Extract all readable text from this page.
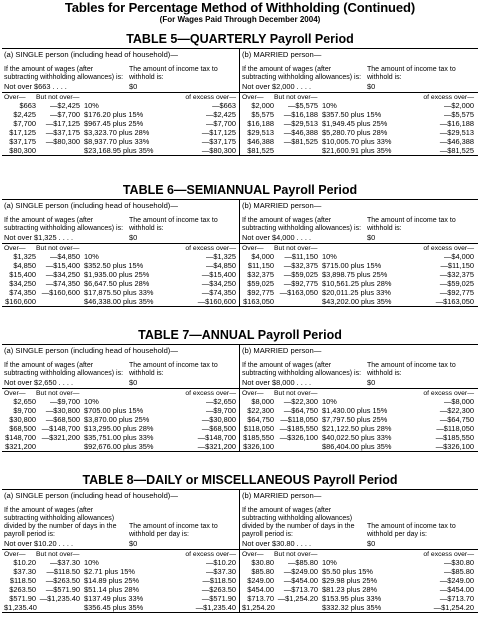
Tables for Percentage Method of Withholding (Continued)
(For Wages Paid Through December 2004)
TABLE 5—QUARTERLY Payroll Period
(a) SINGLE person (including head of household)—
If the amount of wages (after subtracting withholding allowances) is:
The amount of income tax to withhold is:
Not over $663 . . . .	$0
Over—	But not over—	of excess over—
$663	—$2,425 10%	—$663
$2,425	—$7,700 $176.20 plus 15%	—$2,425
$7,700	—$17,125 $967.45 plus 25%	—$7,700
$17,125	—$37,175 $3,323.70 plus 28%	—$17,125
$37,175	—$80,300 $8,937.70 plus 33%	—$37,175
$80,300	$23,168.95 plus 35%	—$80,300
(b) MARRIED person—
If the amount of wages (after subtracting withholding allowances) is:
The amount of income tax to withhold is:
Not over $2,000 . . . .	$0
Over—	But not over—	of excess over—
$2,000	—$5,575 10%	—$2,000
$5,575	—$16,188 $357.50 plus 15%	—$5,575
$16,188	—$29,513 $1,949.45 plus 25%	—$16,188
$29,513	—$46,388 $5,280.70 plus 28%	—$29,513
$46,388	—$81,525 $10,005.70 plus 33%	—$46,388
$81,525	$21,600.91 plus 35%	—$81,525
TABLE 6—SEMIANNUAL Payroll Period
(a) SINGLE person (including head of household)—
If the amount of wages (after subtracting withholding allowances) is:
The amount of income tax to withhold is:
Not over $1,325 . . . .	$0
Over—	But not over—	of excess over—
$1,325	—$4,850 10%	—$1,325
$4,850	—$15,400 $352.50 plus 15%	—$4,850
$15,400	—$34,250 $1,935.00 plus 25%	—$15,400
$34,250	—$74,350 $6,647.50 plus 28%	—$34,250
$74,350 —$160,600 $17,875.50 plus 33%	—$74,350
$160,600	$46,338.00 plus 35%	—$160,600
(b) MARRIED person—
If the amount of wages (after subtracting withholding allowances) is:
The amount of income tax to withhold is:
Not over $4,000 . . . .	$0
Over—	But not over—	of excess over—
$4,000	—$11,150 10%	—$4,000
$11,150	—$32,375 $715.00 plus 15%	—$11,150
$32,375	—$59,025 $3,898.75 plus 25%	—$32,375
$59,025	—$92,775 $10,561.25 plus 28%	—$59,025
$92,775 —$163,050 $20,011.25 plus 33%	—$92,775
$163,050	$43,202.00 plus 35%	—$163,050
TABLE 7—ANNUAL Payroll Period
(a) SINGLE person (including head of household)—
If the amount of wages (after subtracting withholding allowances) is:
The amount of income tax to withhold is:
Not over $2,650 . . . .	$0
Over—	But not over—	of excess over—
$2,650	—$9,700 10%	—$2,650
$9,700	—$30,800 $705.00 plus 15%	—$9,700
$30,800	—$68,500 $3,870.00 plus 25%	—$30,800
$68,500 —$148,700 $13,295.00 plus 28%	—$68,500
$148,700 —$321,200 $35,751.00 plus 33%	—$148,700
$321,200	$92,676.00 plus 35%	—$321,200
(b) MARRIED person—
If the amount of wages (after subtracting withholding allowances) is:
The amount of income tax to withhold is:
Not over $8,000 . . . .	$0
Over—	But not over—	of excess over—
$8,000	—$22,300 10%	—$8,000
$22,300	—$64,750 $1,430.00 plus 15%	—$22,300
$64,750 —$118,050 $7,797.50 plus 25%	—$64,750
$118,050 —$185,550 $21,122.50 plus 28%	—$118,050
$185,550 —$326,100 $40,022.50 plus 33%	—$185,550
$326,100	$86,404.00 plus 35%	—$326,100
TABLE 8—DAILY or MISCELLANEOUS Payroll Period
(a) SINGLE person (including head of household)—
If the amount of wages (after subtracting withholding allowances) divided by the number of days in the payroll period is:
The amount of income tax to withhold per day is:
Not over $10.20 . . . .	$0
Over—	But not over—	of excess over—
$10.20	—$37.30 10%	—$10.20
$37.30	—$118.50 $2.71 plus 15%	—$37.30
$118.50	—$263.50 $14.89 plus 25%	—$118.50
$263.50	—$571.90 $51.14 plus 28%	—$263.50
$571.90 —$1,235.40 $137.49 plus 33%	—$571.90
$1,235.40	$356.45 plus 35%	—$1,235.40
(b) MARRIED person—
If the amount of wages (after subtracting withholding allowances) divided by the number of days in the payroll period is:
The amount of income tax to withhold per day is:
Not over $30.80 . . . .	$0
Over—	But not over—	of excess over—
$30.80	—$85.80 10%	—$30.80
$85.80	—$249.00 $5.50 plus 15%	—$85.80
$249.00	—$454.00 $29.98 plus 25%	—$249.00
$454.00	—$713.70 $81.23 plus 28%	—$454.00
$713.70 —$1,254.20 $153.95 plus 33%	—$713.70
$1,254.20	$332.32 plus 35%	—$1,254.20
